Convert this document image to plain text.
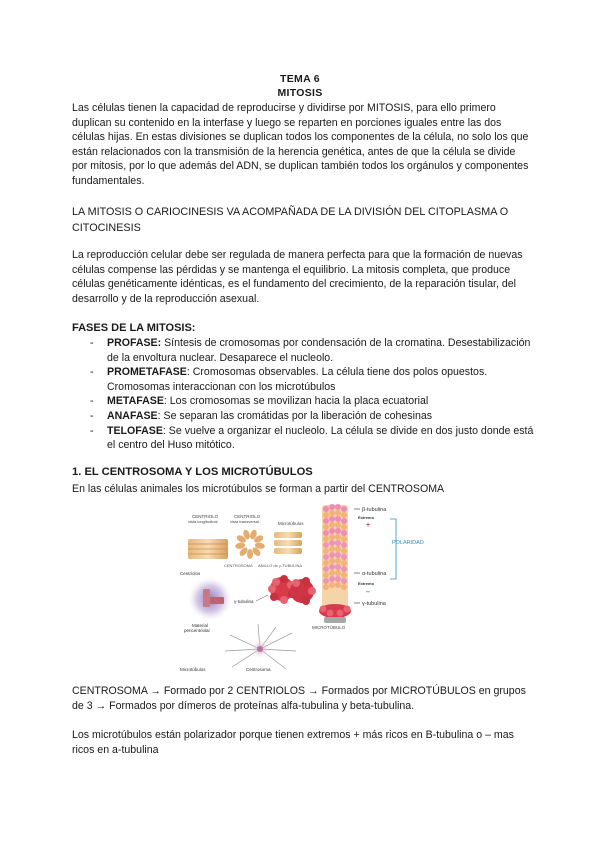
TEMA 6
MITOSIS

Las células tienen la capacidad de reproducirse y dividirse por MITOSIS, para ello primero duplican su contenido en la interfase y luego se reparten en porciones iguales entre las dos células hijas. En estas divisiones se duplican todos los componentes de la célula, no solo los que están relacionados con la transmisión de la herencia genética, antes de que la célula se divide por mitosis, por lo que además del ADN, se duplican también todos los orgánulos y componentes fundamentales.

LA MITOSIS O CARIOCINESIS VA ACOMPAÑADA DE LA DIVISIÓN DEL CITOPLASMA O CITOCINESIS

La reproducción celular debe ser regulada de manera perfecta para que la formación de nuevas células compense las pérdidas y se mantenga el equilibrio. La mitosis completa, que produce células genéticamente idénticas, es el fundamento del crecimiento, de la reparación tisular, del desarrollo y de la reproducción asexual.

FASES DE LA MITOSIS:
- PROFASE: Síntesis de cromosomas por condensación de la cromatina. Desestabilización de la envoltura nuclear. Desaparece el nucleolo.
- PROMETAFASE: Cromosomas observables. La célula tiene dos polos opuestos. Cromosomas interaccionan con los microtúbulos
- METAFASE: Los cromosomas se movilizan hacia la placa ecuatorial
- ANAFASE: Se separan las cromátidas por la liberación de cohesinas
- TELOFASE: Se vuelve a organizar el nucleolo. La célula se divide en dos justo donde está el centro del Huso mitótico.
1. EL CENTROSOMA Y LOS MICROTÚBULOS

En las células animales los microtúbulos se forman a partir del CENTROSOMA

CENTRIOLO
vista longitudinal
CENTRIOLO
vista transversal	Microtúbulos
Centriolos
CENTROSOMA
Material
pericentriolar
ANILLO de γ-TUBULINA
γ-tubulina
Microtúbulos	Centrosoma
MICROTÚBULO
β-tubulina
Extremo
+
POLARIDAD
α-tubulina
Extremo
–
γ-tubulina

CENTROSOMA → Formado por 2 CENTRIOLOS → Formados por MICROTÚBULOS en grupos de 3 → Formados por dímeros de proteínas alfa-tubulina y beta-tubulina.

Los microtúbulos están polarizador porque tienen extremos + más ricos en B-tubulina o – mas ricos en a-tubulina
